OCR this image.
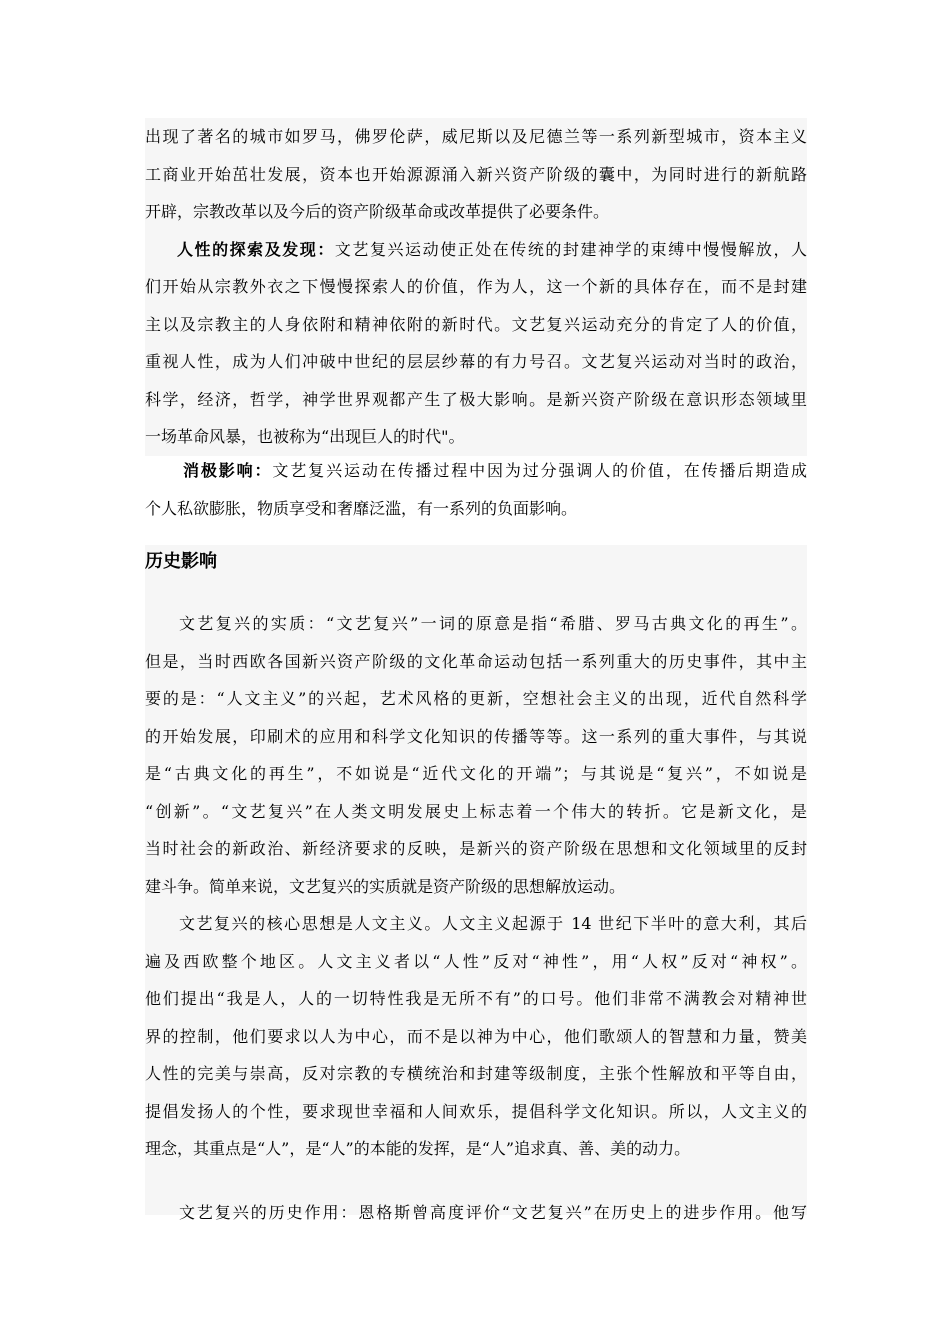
出现了著名的城市如罗马，佛罗伦萨，威尼斯以及尼德兰等一系列新型城市，资本主义
工商业开始茁壮发展，资本也开始源源涌入新兴资产阶级的囊中，为同时进行的新航路
开辟，宗教改革以及今后的资产阶级革命或改革提供了必要条件。
人性的探索及发现：文艺复兴运动使正处在传统的封建神学的束缚中慢慢解放，人
们开始从宗教外衣之下慢慢探索人的价值，作为人，这一个新的具体存在，而不是封建
主以及宗教主的人身依附和精神依附的新时代。文艺复兴运动充分的肯定了人的价值，
重视人性，成为人们冲破中世纪的层层纱幕的有力号召。文艺复兴运动对当时的政治，
科学，经济，哲学，神学世界观都产生了极大影响。是新兴资产阶级在意识形态领域里
一场革命风暴，也被称为“出现巨人的时代"。
消极影响：文艺复兴运动在传播过程中因为过分强调人的价值，在传播后期造成
个人私欲膨胀，物质享受和奢靡泛滥，有一系列的负面影响。
历史影响
文艺复兴的实质：“文艺复兴”一词的原意是指“希腊、罗马古典文化的再生”。
但是，当时西欧各国新兴资产阶级的文化革命运动包括一系列重大的历史事件，其中主
要的是：“人文主义”的兴起，艺术风格的更新，空想社会主义的出现，近代自然科学
的开始发展，印刷术的应用和科学文化知识的传播等等。这一系列的重大事件，与其说
是“古典文化的再生”，不如说是“近代文化的开端”；与其说是“复兴”，不如说是
“创新”。“文艺复兴”在人类文明发展史上标志着一个伟大的转折。它是新文化，是
当时社会的新政治、新经济要求的反映，是新兴的资产阶级在思想和文化领域里的反封
建斗争。简单来说，文艺复兴的实质就是资产阶级的思想解放运动。
文艺复兴的核心思想是人文主义。人文主义起源于 14 世纪下半叶的意大利，其后
遍及西欧整个地区。人文主义者以“人性”反对“神性”，用“人权”反对“神权”。
他们提出“我是人，人的一切特性我是无所不有”的口号。他们非常不满教会对精神世
界的控制，他们要求以人为中心，而不是以神为中心，他们歌颂人的智慧和力量，赞美
人性的完美与崇高，反对宗教的专横统治和封建等级制度，主张个性解放和平等自由，
提倡发扬人的个性，要求现世幸福和人间欢乐，提倡科学文化知识。所以，人文主义的
理念，其重点是“人”，是“人”的本能的发挥，是“人”追求真、善、美的动力。
文艺复兴的历史作用：恩格斯曾高度评价“文艺复兴”在历史上的进步作用。他写
